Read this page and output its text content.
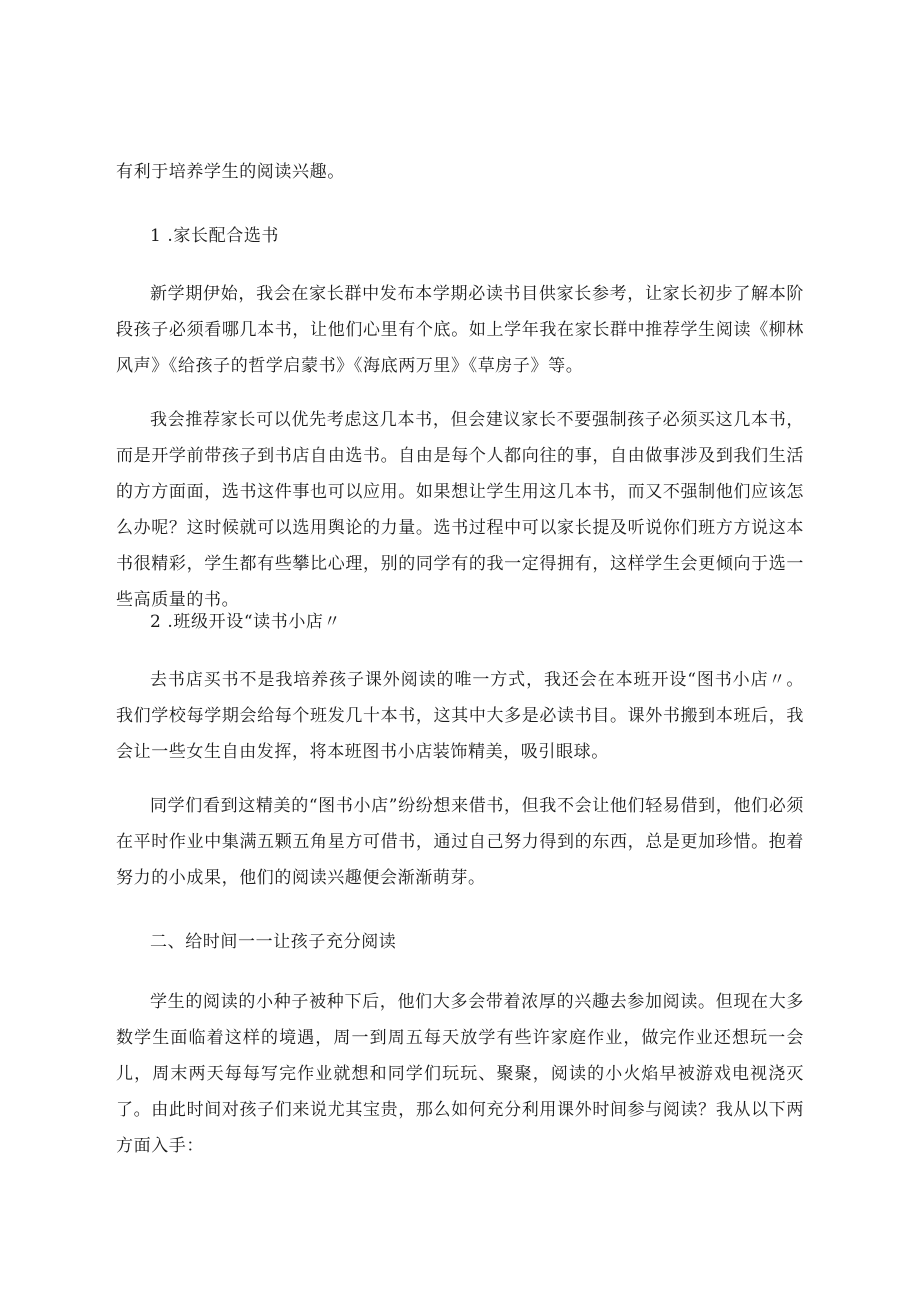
有利于培养学生的阅读兴趣。

1 .家长配合选书

新学期伊始，我会在家长群中发布本学期必读书目供家长参考，让家长初步了解本阶段孩子必须看哪几本书，让他们心里有个底。如上学年我在家长群中推荐学生阅读《柳林风声》《给孩子的哲学启蒙书》《海底两万里》《草房子》等。

我会推荐家长可以优先考虑这几本书，但会建议家长不要强制孩子必须买这几本书，而是开学前带孩子到书店自由选书。自由是每个人都向往的事，自由做事涉及到我们生活的方方面面，选书这件事也可以应用。如果想让学生用这几本书，而又不强制他们应该怎么办呢？这时候就可以选用舆论的力量。选书过程中可以家长提及听说你们班方方说这本书很精彩，学生都有些攀比心理，别的同学有的我一定得拥有，这样学生会更倾向于选一些高质量的书。

2 .班级开设“读书小店〃

去书店买书不是我培养孩子课外阅读的唯一方式，我还会在本班开设“图书小店〃。我们学校每学期会给每个班发几十本书，这其中大多是必读书目。课外书搬到本班后，我会让一些女生自由发挥，将本班图书小店装饰精美，吸引眼球。

同学们看到这精美的“图书小店”纷纷想来借书，但我不会让他们轻易借到，他们必须在平时作业中集满五颗五角星方可借书，通过自己努力得到的东西，总是更加珍惜。抱着努力的小成果，他们的阅读兴趣便会渐渐萌芽。

二、给时间一一让孩子充分阅读

学生的阅读的小种子被种下后，他们大多会带着浓厚的兴趣去参加阅读。但现在大多数学生面临着这样的境遇，周一到周五每天放学有些许家庭作业，做完作业还想玩一会儿，周末两天每每写完作业就想和同学们玩玩、聚聚，阅读的小火焰早被游戏电视浇灭了。由此时间对孩子们来说尤其宝贵，那么如何充分利用课外时间参与阅读？我从以下两方面入手：
